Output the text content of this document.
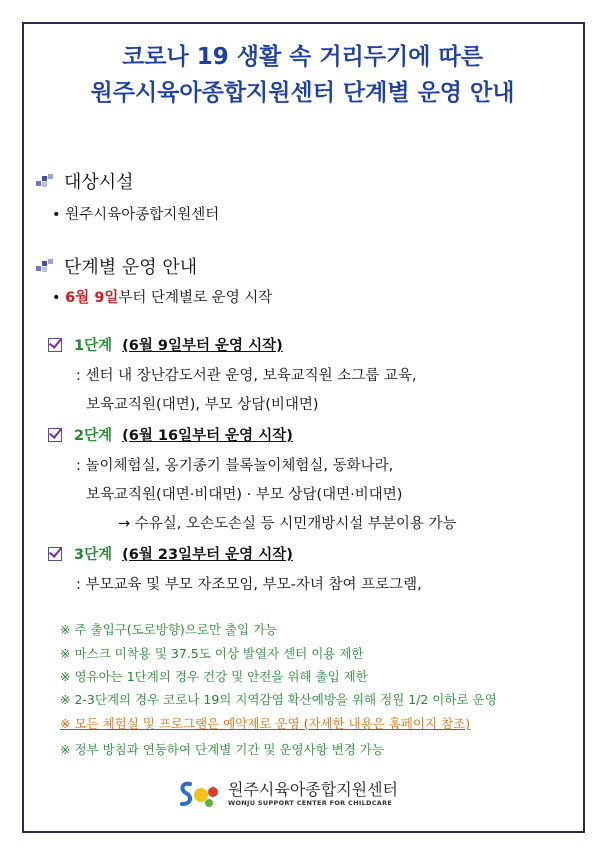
코로나 19 생활 속 거리두기에 따른
원주시육아종합지원센터 단계별 운영 안내
대상시설
• 원주시육아종합지원센터
단계별 운영 안내
• 6월 9일부터 단계별로 운영 시작
1단계 (6월 9일부터 운영 시작)
: 센터 내 장난감도서관 운영, 보육교직원 소그룹 교육,
보육교직원(대면), 부모 상담(비대면)
2단계 (6월 16일부터 운영 시작)
: 놀이체험실, 옹기종기 블록놀이체험실, 동화나라,
보육교직원(대면·비대면) · 부모 상담(대면·비대면)
→ 수유실, 오손도손실 등 시민개방시설 부분이용 가능
3단계 (6월 23일부터 운영 시작)
: 부모교육 및 부모 자조모임, 부모-자녀 참여 프로그램,
※ 주 출입구(도로방향)으로만 출입 가능
※ 마스크 미착용 및 37.5도 이상 발열자 센터 이용 제한
※ 영유아는 1단계의 경우 건강 및 안전을 위해 출입 제한
※ 2-3단계의 경우 코로나 19의 지역감염 확산예방을 위해 정원 1/2 이하로 운영
※ 모든 체험실 및 프로그램은 예약제로 운영 (자세한 내용은 홈페이지 참조)
※ 정부 방침과 연동하여 단계별 기간 및 운영사항 변경 가능
원주시육아종합지원센터
WONJU SUPPORT CENTER FOR CHILDCARE
